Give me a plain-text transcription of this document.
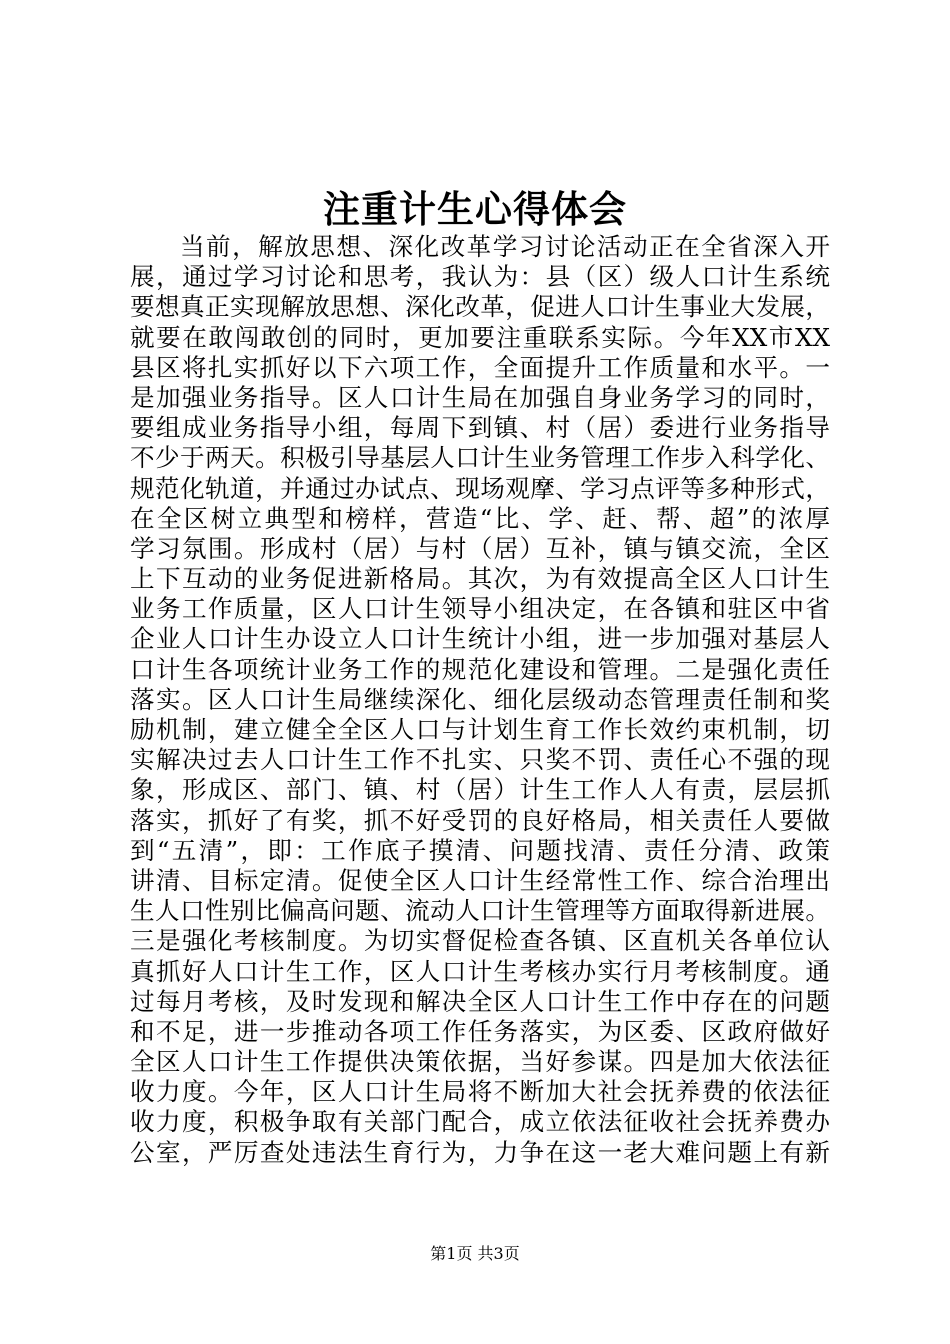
注重计生心得体会
当前，解放思想、深化改革学习讨论活动正在全省深入开
展，通过学习讨论和思考，我认为：县（区）级人口计生系统
要想真正实现解放思想、深化改革，促进人口计生事业大发展，
就要在敢闯敢创的同时，更加要注重联系实际。今年XX市XX
县区将扎实抓好以下六项工作，全面提升工作质量和水平。一
是加强业务指导。区人口计生局在加强自身业务学习的同时，
要组成业务指导小组，每周下到镇、村（居）委进行业务指导
不少于两天。积极引导基层人口计生业务管理工作步入科学化、
规范化轨道，并通过办试点、现场观摩、学习点评等多种形式，
在全区树立典型和榜样，营造“比、学、赶、帮、超”的浓厚
学习氛围。形成村（居）与村（居）互补，镇与镇交流，全区
上下互动的业务促进新格局。其次，为有效提高全区人口计生
业务工作质量，区人口计生领导小组决定，在各镇和驻区中省
企业人口计生办设立人口计生统计小组，进一步加强对基层人
口计生各项统计业务工作的规范化建设和管理。二是强化责任
落实。区人口计生局继续深化、细化层级动态管理责任制和奖
励机制，建立健全全区人口与计划生育工作长效约束机制，切
实解决过去人口计生工作不扎实、只奖不罚、责任心不强的现
象，形成区、部门、镇、村（居）计生工作人人有责，层层抓
落实，抓好了有奖，抓不好受罚的良好格局，相关责任人要做
到“五清”，即：工作底子摸清、问题找清、责任分清、政策
讲清、目标定清。促使全区人口计生经常性工作、综合治理出
生人口性别比偏高问题、流动人口计生管理等方面取得新进展。
三是强化考核制度。为切实督促检查各镇、区直机关各单位认
真抓好人口计生工作，区人口计生考核办实行月考核制度。通
过每月考核，及时发现和解决全区人口计生工作中存在的问题
和不足，进一步推动各项工作任务落实，为区委、区政府做好
全区人口计生工作提供决策依据，当好参谋。四是加大依法征
收力度。今年，区人口计生局将不断加大社会抚养费的依法征
收力度，积极争取有关部门配合，成立依法征收社会抚养费办
公室，严厉查处违法生育行为，力争在这一老大难问题上有新
第1页 共3页
